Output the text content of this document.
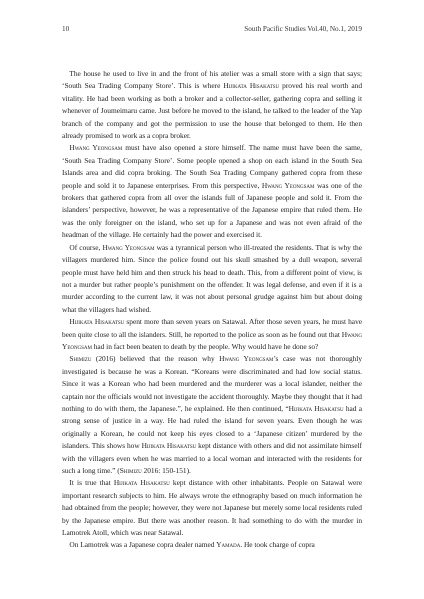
10	South Pacific Studies Vol.40, No.1, 2019

The house he used to live in and the front of his atelier was a small store with a sign that says; ‘South Sea Trading Company Store’. This is where Hijikata Hisakatsu proved his real worth and vitality. He had been working as both a broker and a collector-seller, gathering copra and selling it whenever of Joumeimaru came. Just before he moved to the island, he talked to the leader of the Yap branch of the company and got the permission to use the house that belonged to them. He then already promised to work as a copra broker.

Hwang Yeongsam must have also opened a store himself. The name must have been the same, ‘South Sea Trading Company Store’. Some people opened a shop on each island in the South Sea Islands area and did copra broking. The South Sea Trading Company gathered copra from these people and sold it to Japanese enterprises. From this perspective, Hwang Yeongsam was one of the brokers that gathered copra from all over the islands full of Japanese people and sold it. From the islanders’ perspective, however, he was a representative of the Japanese empire that ruled them. He was the only foreigner on the island, who set up for a Japanese and was not even afraid of the headman of the village. He certainly had the power and exercised it.

Of course, Hwang Yeongsam was a tyrannical person who ill-treated the residents. That is why the villagers murdered him. Since the police found out his skull smashed by a dull weapon, several people must have held him and then struck his head to death. This, from a different point of view, is not a murder but rather people’s punishment on the offender. It was legal defense, and even if it is a murder according to the current law, it was not about personal grudge against him but about doing what the villagers had wished.

Hijikata Hisakatsu spent more than seven years on Satawal. After those seven years, he must have been quite close to all the islanders. Still, he reported to the police as soon as he found out that Hwang Yeongsam had in fact been beaten to death by the people. Why would have he done so?

Shimizu (2016) believed that the reason why Hwang Yeongsam’s case was not thoroughly investigated is because he was a Korean. “Koreans were discriminated and had low social status. Since it was a Korean who had been murdered and the murderer was a local islander, neither the captain nor the officials would not investigate the accident thoroughly. Maybe they thought that it had nothing to do with them, the Japanese.”, he explained. He then continued, “Hijikata Hisakatsu had a strong sense of justice in a way. He had ruled the island for seven years. Even though he was originally a Korean, he could not keep his eyes closed to a ‘Japanese citizen’ murdered by the islanders. This shows how Hijikata Hisakatsu kept distance with others and did not assimilate himself with the villagers even when he was married to a local woman and interacted with the residents for such a long time.” (Shimizu 2016: 150-151).

It is true that Hijikata Hisakatsu kept distance with other inhabitants. People on Satawal were important research subjects to him. He always wrote the ethnography based on much information he had obtained from the people; however, they were not Japanese but merely some local residents ruled by the Japanese empire. But there was another reason. It had something to do with the murder in Lamotrek Atoll, which was near Satawal.

On Lamotrek was a Japanese copra dealer named Yamada. He took charge of copra
